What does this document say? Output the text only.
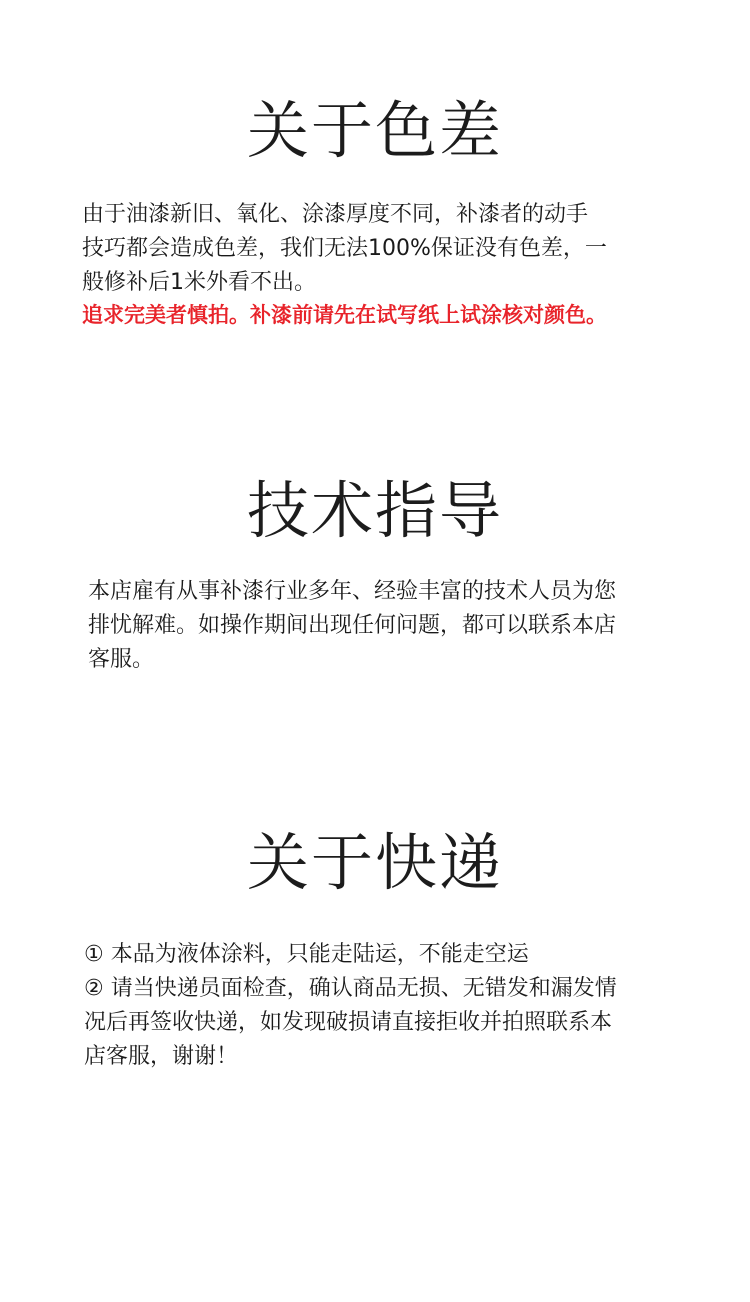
关于色差
由于油漆新旧、氧化、涂漆厚度不同，补漆者的动手
技巧都会造成色差，我们无法100%保证没有色差，一
般修补后1米外看不出。

追求完美者慎拍。补漆前请先在试写纸上试涂核对颜色。

技术指导
本店雇有从事补漆行业多年、经验丰富的技术人员为您
排忧解难。如操作期间出现任何问题，都可以联系本店
客服。
关于快递
① 本品为液体涂料，只能走陆运，不能走空运
② 请当快递员面检查，确认商品无损、无错发和漏发情
况后再签收快递，如发现破损请直接拒收并拍照联系本
店客服，谢谢！
